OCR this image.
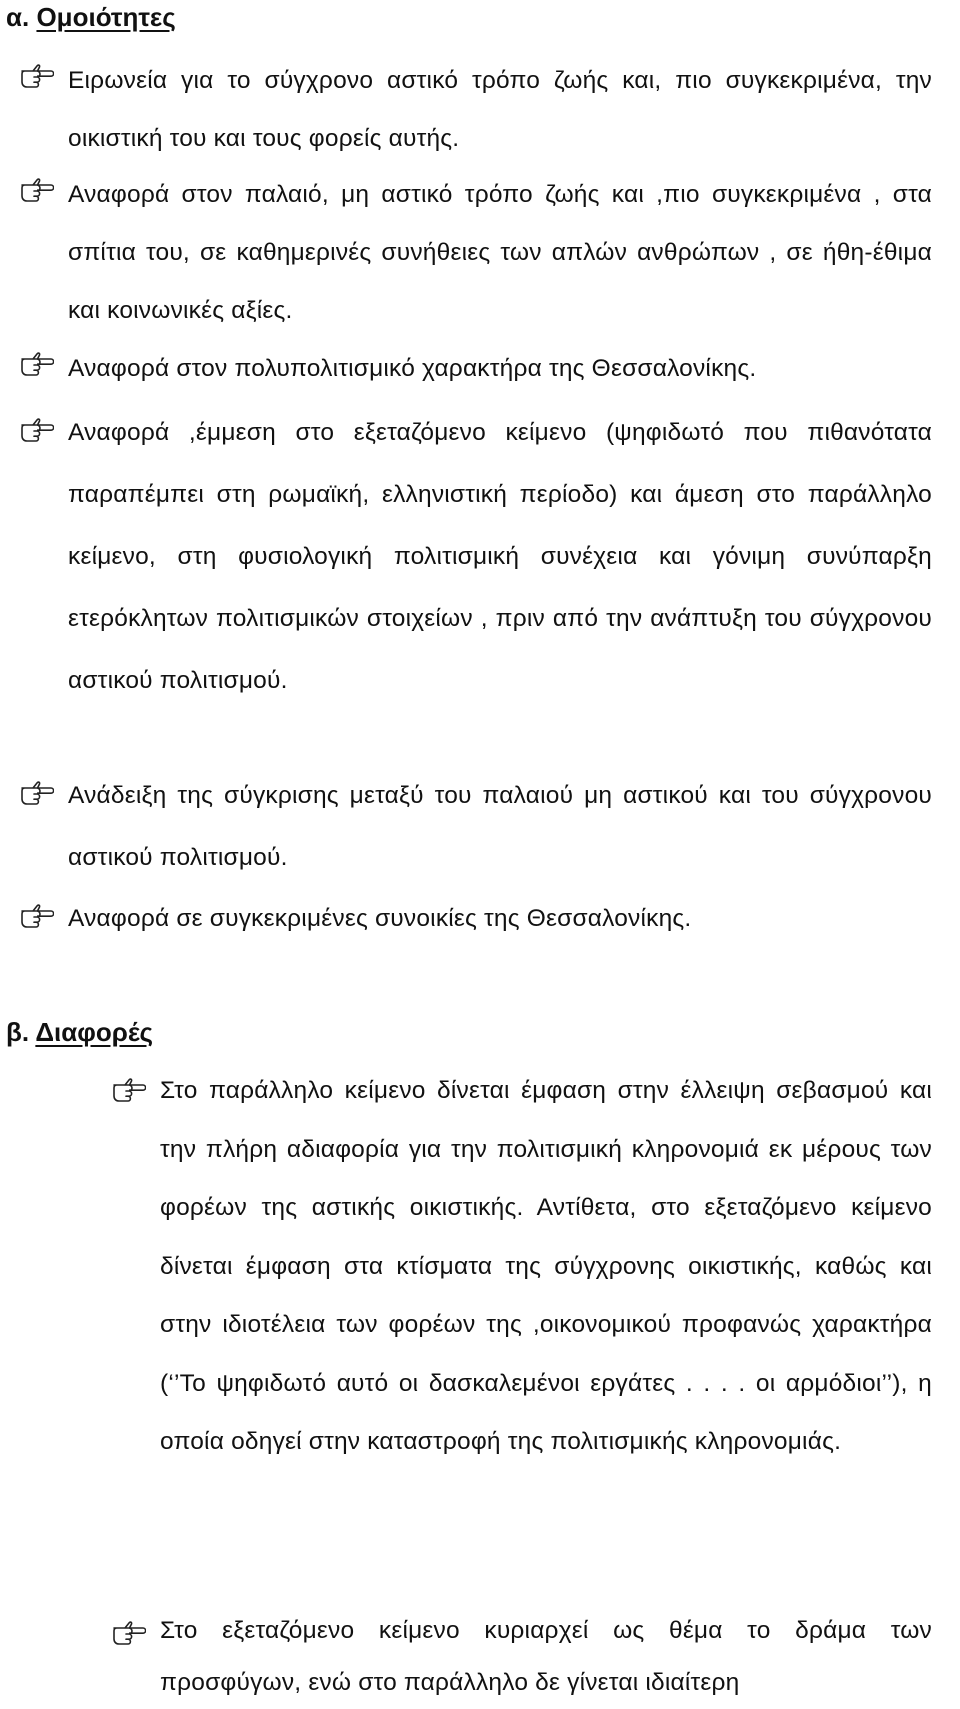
α. Ομοιότητες
Ειρωνεία για το σύγχρονο αστικό τρόπο ζωής και, πιο συγκεκριμένα, την οικιστική του και τους φορείς αυτής.
Αναφορά στον παλαιό, μη αστικό τρόπο ζωής και ,πιο συγκεκριμένα , στα σπίτια του, σε καθημερινές συνήθειες των απλών ανθρώπων , σε ήθη-έθιμα και κοινωνικές αξίες.
Αναφορά στον πολυπολιτισμικό χαρακτήρα της Θεσσαλονίκης.
Αναφορά ,έμμεση στο εξεταζόμενο κείμενο (ψηφιδωτό που πιθανότατα παραπέμπει στη ρωμαϊκή, ελληνιστική περίοδο) και άμεση στο παράλληλο κείμενο, στη φυσιολογική πολιτισμική συνέχεια και γόνιμη συνύπαρξη ετερόκλητων πολιτισμικών στοιχείων , πριν από την ανάπτυξη του σύγχρονου αστικού πολιτισμού.
Ανάδειξη της σύγκρισης μεταξύ του παλαιού μη αστικού και του σύγχρονου αστικού πολιτισμού.
Αναφορά σε συγκεκριμένες συνοικίες της Θεσσαλονίκης.
β. Διαφορές
Στο παράλληλο κείμενο δίνεται έμφαση στην έλλειψη σεβασμού και την πλήρη αδιαφορία για την πολιτισμική κληρονομιά εκ μέρους των φορέων της αστικής οικιστικής. Αντίθετα, στο εξεταζόμενο κείμενο δίνεται έμφαση στα κτίσματα της σύγχρονης οικιστικής, καθώς και στην ιδιοτέλεια των φορέων της ,οικονομικού προφανώς χαρακτήρα (‘’Το ψηφιδωτό αυτό οι δασκαλεμένοι εργάτες . . . . οι αρμόδιοι’’), η οποία οδηγεί στην καταστροφή της πολιτισμικής κληρονομιάς.
Στο εξεταζόμενο κείμενο κυριαρχεί ως θέμα το δράμα των προσφύγων, ενώ στο παράλληλο δε γίνεται ιδιαίτερη
